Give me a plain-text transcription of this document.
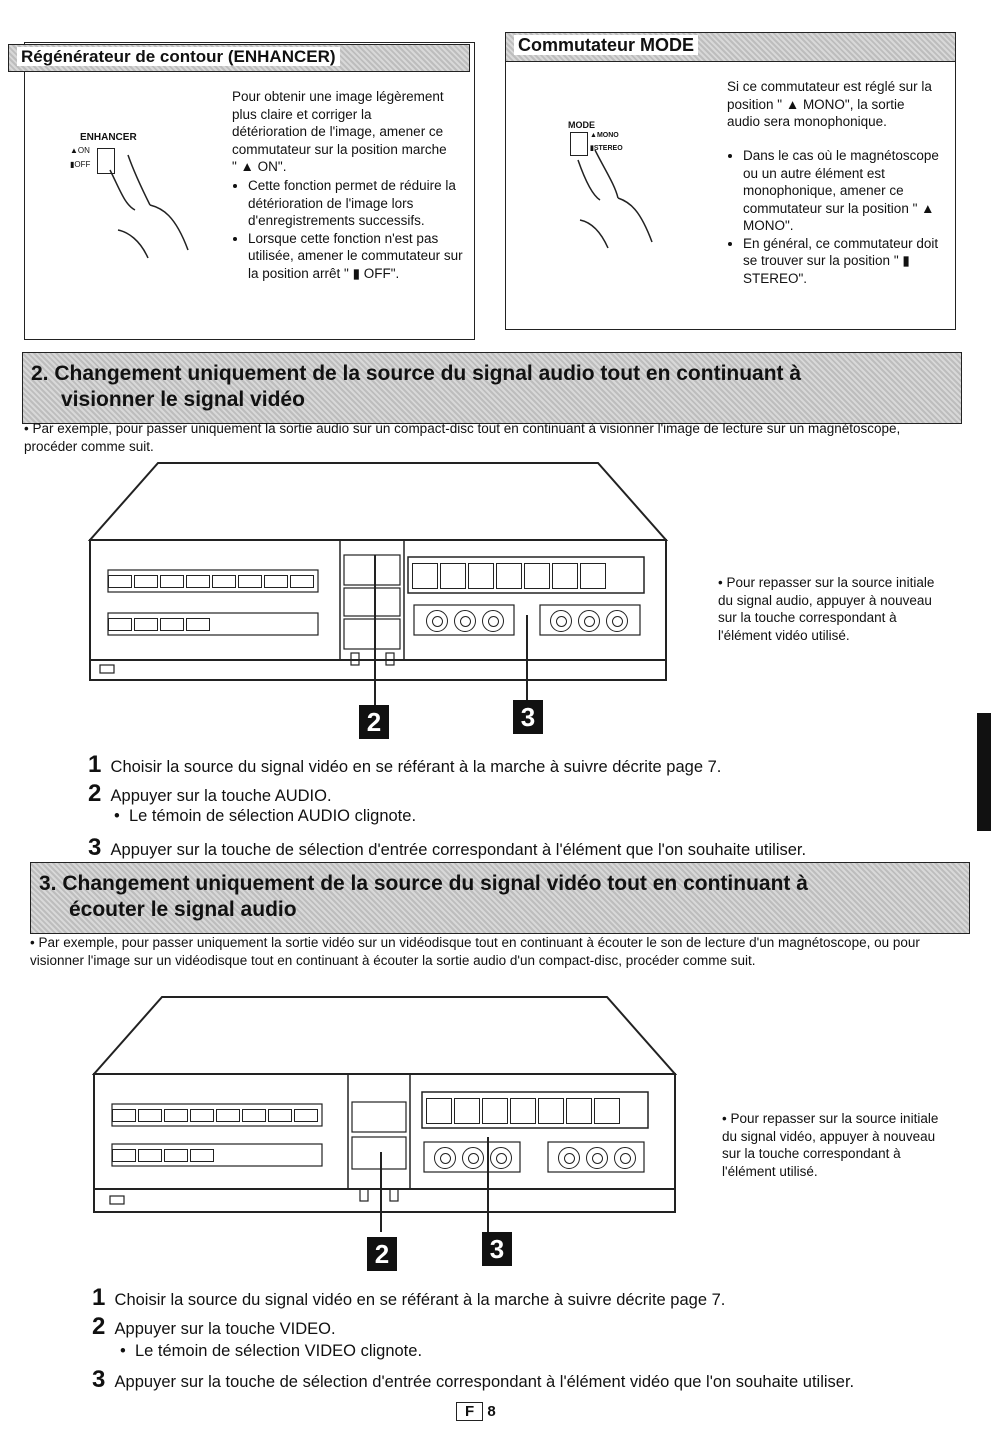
Régénérateur de contour (ENHANCER)
ENHANCER
▲ON
▮OFF
Pour obtenir une image légèrement plus claire et corriger la détérioration de l'image, amener ce commutateur sur la position marche " ▲ ON".
• Cette fonction permet de réduire la détérioration de l'image lors d'enregistrements successifs.
• Lorsque cette fonction n'est pas utilisée, amener le commutateur sur la position arrêt " ▮ OFF".
Commutateur MODE
MODE
▲MONO
▮STEREO
Si ce commutateur est réglé sur la position " ▲ MONO", la sortie audio sera monophonique.
• Dans le cas où le magnétoscope ou un autre élément est monophonique, amener ce commutateur sur la position " ▲ MONO".
• En général, ce commutateur doit se trouver sur la position " ▮ STEREO".
2. Changement uniquement de la source du signal audio tout en continuant à
visionner le signal vidéo
• Par exemple, pour passer uniquement la sortie audio sur un compact-disc tout en continuant à visionner l'image de lecture sur un magnétoscope, procéder comme suit.
2	3
• Pour repasser sur la source initiale du signal audio, appuyer à nouveau sur la touche correspondant à l'élément vidéo utilisé.
1 Choisir la source du signal vidéo en se référant à la marche à suivre décrite page 7.
2 Appuyer sur la touche AUDIO.
•  Le témoin de sélection AUDIO clignote.
3 Appuyer sur la touche de sélection d'entrée correspondant à l'élément que l'on souhaite utiliser.
3. Changement uniquement de la source du signal vidéo tout en continuant à
écouter le signal audio
• Par exemple, pour passer uniquement la sortie vidéo sur un vidéodisque tout en continuant à écouter le son de lecture d'un magnétoscope, ou pour visionner l'image sur un vidéodisque tout en continuant à écouter la sortie audio d'un compact-disc, procéder comme suit.
2	3
• Pour repasser sur la source initiale du signal vidéo, appuyer à nouveau sur la touche correspondant à l'élément utilisé.
1 Choisir la source du signal vidéo en se référant à la marche à suivre décrite page 7.
2 Appuyer sur la touche VIDEO.
•  Le témoin de sélection VIDEO clignote.
3 Appuyer sur la touche de sélection d'entrée correspondant à l'élément vidéo que l'on souhaite utiliser.
F 8
